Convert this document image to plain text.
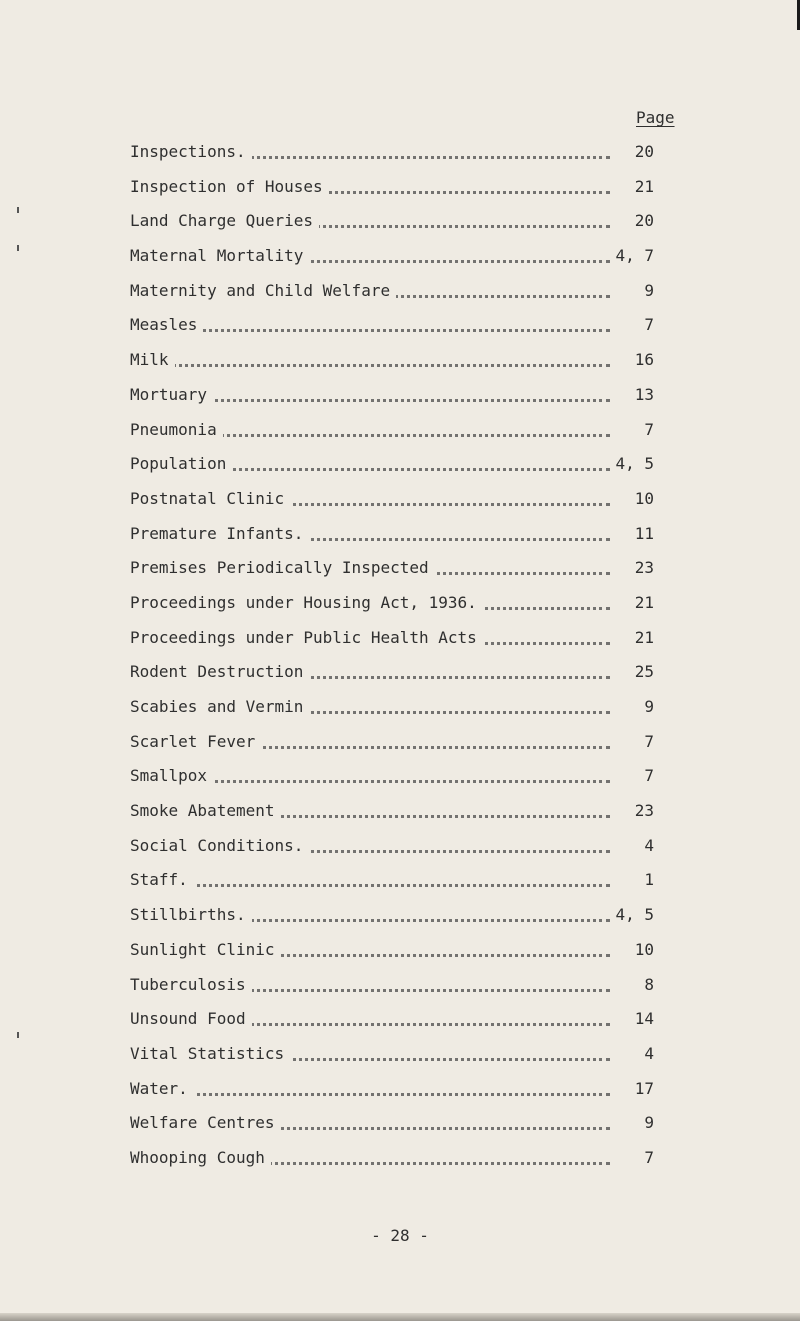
Page
Inspections.	20
Inspection of Houses	21
Land Charge Queries	20
Maternal Mortality	4, 7
Maternity and Child Welfare	9
Measles	7
Milk	16
Mortuary	13
Pneumonia	7
Population	4, 5
Postnatal Clinic	10
Premature Infants.	11
Premises Periodically Inspected	23
Proceedings under Housing Act, 1936.	21
Proceedings under Public Health Acts	21
Rodent Destruction	25
Scabies and Vermin	9
Scarlet Fever	7
Smallpox	7
Smoke Abatement	23
Social Conditions.	4
Staff.	1
Stillbirths.	4, 5
Sunlight Clinic	10
Tuberculosis	8
Unsound Food	14
Vital Statistics	4
Water.	17
Welfare Centres	9
Whooping Cough	7
- 28 -
